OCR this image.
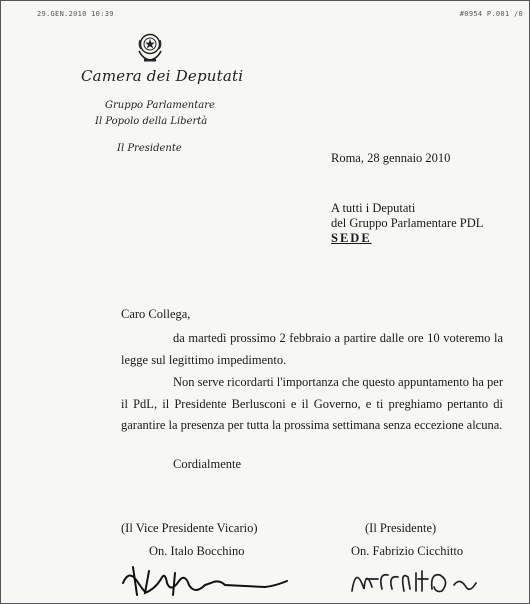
29.GEN.2010 10:39	#0954 P.001 /0
Camera dei Deputati
Gruppo Parlamentare
Il Popolo della Libertà
Il Presidente
Roma, 28 gennaio 2010
A tutti i Deputati
del Gruppo Parlamentare PDL
SEDE
Caro Collega,
da martedì prossimo 2 febbraio a partire dalle ore 10 voteremo la legge sul legittimo impedimento.
Non serve ricordarti l'importanza che questo appuntamento ha per il PdL, il Presidente Berlusconi e il Governo, e ti preghiamo pertanto di garantire la presenza per tutta la prossima settimana senza eccezione alcuna.
Cordialmente
(Il Vice Presidente Vicario)
On. Italo Bocchino
(Il Presidente)
On. Fabrizio Cicchitto
